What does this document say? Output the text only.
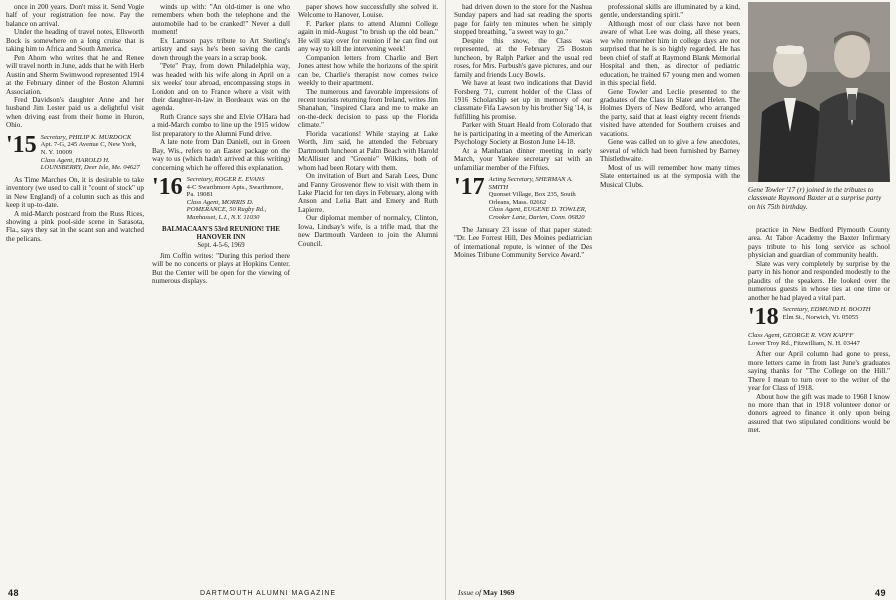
once in 200 years. Don't miss it. Send Vogie half of your registration fee now. Pay the balance on arrival.

Under the heading of travel notes, Ellsworth Bock is somewhere on a long cruise that is taking him to Africa and South America.

Pen Ahorn who writes that he and Renee will travel north in June, adds that he with Herb Austin and Sherm Swimwood represented 1914 at the February dinner of the Boston Alumni Association.

Fred Davidson's daughter Anne and her husband Jim Lester paid us a delightful visit when driving east from their home in Huron, Ohio.

'15 Secretary, PHILIP K. MURDOCK
Apt. 7-G, 245 Avenue C, New York, N. Y. 10009
Class Agent, HAROLD H. LOUNSBERRY, Deer Isle, Me. 04627

As Time Marches On, it is desirable to take inventory (we used to call it "count of stock" up in New England) of a column such as this and keep it up-to-date.

A mid-March postcard from the Russ Rices, showing a pink pool-side scene in Sarasota, Fla., says they sat in the scant sun and watched the pelicans.

winds up with: "An old-timer is one who remembers when both the telephone and the automobile had to be cranked!" Never a dull moment!

Ex Lamson pays tribute to Art Sterling's artistry and says he's been saving the cards down through the years in a scrap book.

"Pete" Pray, from down Philadelphia way, was headed with his wife along in April on a six weeks' tour abroad, encompassing stops in London and on to France where a visit with their daughter-in-law in Bordeaux was on the agenda.

Ruth Crance says she and Elvie O'Hara had a mid-March combo to line up the 1915 widow list preparatory to the Alumni Fund drive.

A late note from Dan Daniell, out in Green Bay, Wis., refers to an Easter package on the way to us (which hadn't arrived at this writing) concerning which he offered this explanation.

'16 Secretary, ROGER E. EVANS
4-C Swarthmore Apts., Swarthmore, Pa. 19081
Class Agent, MORRIS D. POMERANCE, 50 Rugby Rd., Manhasset, L.I., N.Y. 11030
BALMACAAN'S 53rd REUNION! THE HANOVER INN
Sept. 4-5-6, 1969

Jim Coffin writes: "During this period there will be no concerts or plays at Hopkins Center. But the Center will be open for the viewing of numerous displays.

paper shows how successfully she solved it. Welcome to Hanover, Louise.

F. Parker plans to attend Alumni College again in mid-August "to brush up the old bean." He will stay over for reunion if he can find out any way to kill the intervening week!

Companion letters from Charlie and Bert Jones attest how while the horizons of the spirit can be, Charlie's therapist now comes twice weekly to their apartment.

The numerous and favorable impressions of recent tourists returning from Ireland, writes Jim Shanahan, "inspired Clara and me to make an on-the-deck decision to pass up the Florida climate."

Florida vacations! While staying at Lake Worth, Jim said, he attended the February Dartmouth luncheon at Palm Beach with Harold McAllister and "Greenie" Wilkins, both of whom had been Rotary with them.

On invitation of Burt and Sarah Lees, Dunc and Fanny Grosvenor flew to visit with them in Lake Placid for ten days in February, along with Anson and Lelia Batt and Emery and Ruth Lapierre.

Our diplomat member of normalcy, Clinton, Iowa, Lindsay's wife, is a trifle mad, that the new Dartmouth Vardeen to join the Alumni Council.

48	DARTMOUTH ALUMNI MAGAZINE

had driven down to the store for the Nashua Sunday papers and had sat reading the sports page for fairly ten minutes when he simply stopped breathing, "a sweet way to go."

Despite this snow, the Class was represented, at the February 25 Boston luncheon, by Ralph Parker and the usual red roses, for Mrs. Furbush's gave pictures, and our family and friends Lucy Bowls.

We have at least two indications that David Forsberg '71, current holder of the Class of 1916 Scholarship set up in memory of our classmate Fifa Lawson by his brother Sig '14, is fulfilling his promise.

Parker with Stuart Heald from Colorado that he is participating in a meeting of the American Psychology Society at Boston June 14-18.

At a Manhattan dinner meeting in early March, your Yankee secretary sat with an unfamiliar member of the Fifties.

'17 Acting Secretary, SHERMAN A. SMITH
Quonset Village, Box 235, South Orleans, Mass. 02662
Class Agent, EUGENE D. TOWLER, Crooker Lane, Darien, Conn. 06820

The January 23 issue of that paper stated: "Dr. Lee Forrest Hill, Des Moines pediatrician of international repute, is winner of the Des Moines Tribune Community Service Award."

professional skills are illuminated by a kind, gentle, understanding spirit."

Although most of our class have not been aware of what Lee was doing, all these years, we who remember him in college days are not surprised that he is so highly regarded. He has been chief of staff at Raymond Blank Memorial Hospital and then, as director of pediatric education, he trained 67 young men and women in this special field.

Gene Towler and Leclie presented to the graduates of the Class in Slater and Helen. The Holmes Dyers of New Bedford, who arranged the party, said that at least eighty recent friends visited have attended for Southern cruises and vacations.

Gene was called on to give a few anecdotes, several of which had been furnished by Barney Thistlethwaite.

Most of us will remember how many times Slate entertained us at the symposia with the Musical Clubs.

Gene Towler '17 (r) joined in the tributes to classmate Raymond Baxter at a surprise party on his 75th birthday.

practice in New Bedford Plymouth County area. At Tabor Academy the Baxter Infirmary pays tribute to his long service as school physician and guardian of community health.

Slate was very completely by surprise by the party in his honor and responded modestly to the plaudits of the speakers. He looked over the numerous guests in whose ties at one time or another he had played a vital part.

'18 Secretary, EDMUND H. BOOTH
Elm St., Norwich, Vt. 05055
Class Agent, GEORGE R. VON KAPFF
Lower Troy Rd., Fitzwilliam, N. H. 03447

After our April column had gone to press, more letters came in from last June's graduates saying thanks for "The College on the Hill." There I mean to turn over to the writer of the year for Class of 1918.

About how the gift was made to 1968 I know no more than that in 1918 volunteer donor or donors agreed to finance it only upon being assured that two stipulated conditions would be met.

Issue of May 1969	49
